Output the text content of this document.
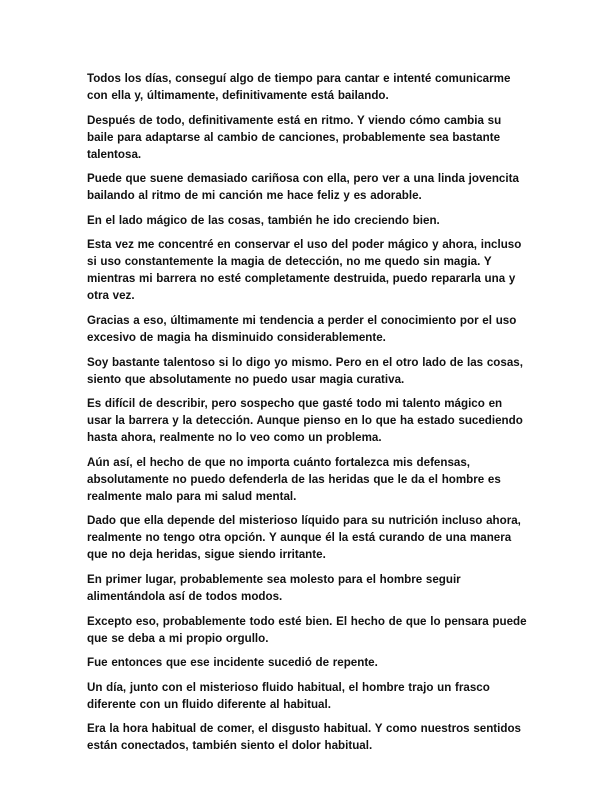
Todos los días, conseguí algo de tiempo para cantar e intenté comunicarme con ella y, últimamente, definitivamente está bailando.

Después de todo, definitivamente está en ritmo. Y viendo cómo cambia su baile para adaptarse al cambio de canciones, probablemente sea bastante talentosa.

Puede que suene demasiado cariñosa con ella, pero ver a una linda jovencita bailando al ritmo de mi canción me hace feliz y es adorable.

En el lado mágico de las cosas, también he ido creciendo bien.

Esta vez me concentré en conservar el uso del poder mágico y ahora, incluso si uso constantemente la magia de detección, no me quedo sin magia. Y mientras mi barrera no esté completamente destruida, puedo repararla una y otra vez.

Gracias a eso, últimamente mi tendencia a perder el conocimiento por el uso excesivo de magia ha disminuido considerablemente.

Soy bastante talentoso si lo digo yo mismo. Pero en el otro lado de las cosas, siento que absolutamente no puedo usar magia curativa.

Es difícil de describir, pero sospecho que gasté todo mi talento mágico en usar la barrera y la detección. Aunque pienso en lo que ha estado sucediendo hasta ahora, realmente no lo veo como un problema.

Aún así, el hecho de que no importa cuánto fortalezca mis defensas, absolutamente no puedo defenderla de las heridas que le da el hombre es realmente malo para mi salud mental.

Dado que ella depende del misterioso líquido para su nutrición incluso ahora, realmente no tengo otra opción. Y aunque él la está curando de una manera que no deja heridas, sigue siendo irritante.

En primer lugar, probablemente sea molesto para el hombre seguir alimentándola así de todos modos.

Excepto eso, probablemente todo esté bien. El hecho de que lo pensara puede que se deba a mi propio orgullo.

Fue entonces que ese incidente sucedió de repente.

Un día, junto con el misterioso fluido habitual, el hombre trajo un frasco diferente con un fluido diferente al habitual.

Era la hora habitual de comer, el disgusto habitual. Y como nuestros sentidos están conectados, también siento el dolor habitual.
